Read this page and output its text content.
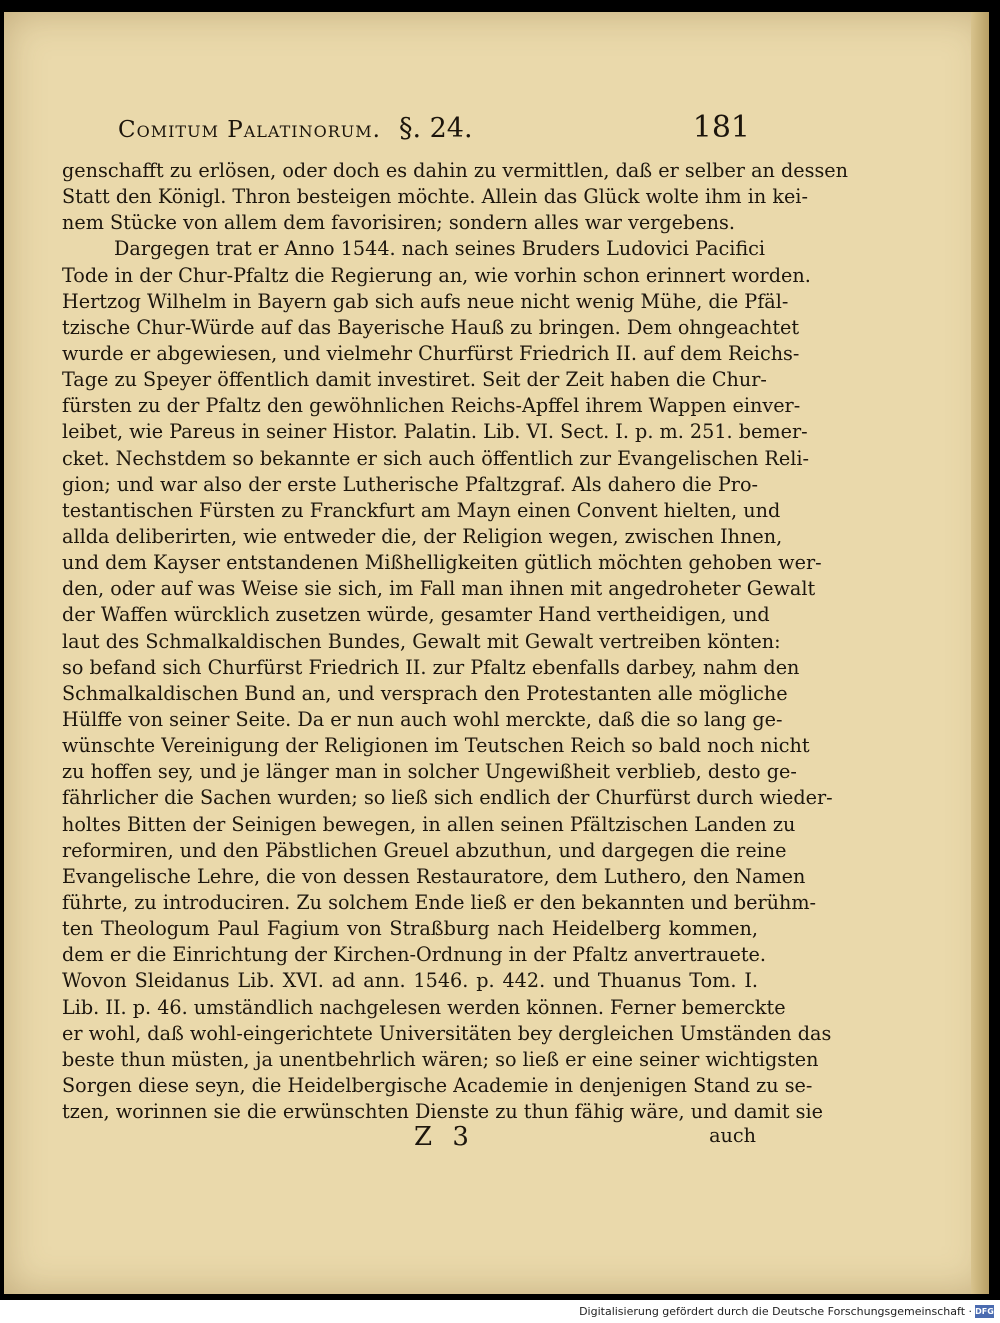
Comitum Palatinorum. §. 24.	181
genschafft zu erlösen, oder doch es dahin zu vermittlen, daß er selber an dessen
Statt den Königl. Thron besteigen möchte. Allein das Glück wolte ihm in kei-
nem Stücke von allem dem favorisiren; sondern alles war vergebens.
Dargegen trat er Anno 1544. nach seines Bruders Ludovici Pacifici
Tode in der Chur-Pfaltz die Regierung an, wie vorhin schon erinnert worden.
Hertzog Wilhelm in Bayern gab sich aufs neue nicht wenig Mühe, die Pfäl-
tzische Chur-Würde auf das Bayerische Hauß zu bringen. Dem ohngeachtet
wurde er abgewiesen, und vielmehr Churfürst Friedrich II. auf dem Reichs-
Tage zu Speyer öffentlich damit investiret. Seit der Zeit haben die Chur-
fürsten zu der Pfaltz den gewöhnlichen Reichs-Apffel ihrem Wappen einver-
leibet, wie Pareus in seiner Histor. Palatin. Lib. VI. Sect. I. p. m. 251. bemer-
cket. Nechstdem so bekannte er sich auch öffentlich zur Evangelischen Reli-
gion; und war also der erste Lutherische Pfaltzgraf. Als dahero die Pro-
testantischen Fürsten zu Franckfurt am Mayn einen Convent hielten, und
allda deliberirten, wie entweder die, der Religion wegen, zwischen Ihnen,
und dem Kayser entstandenen Mißhelligkeiten gütlich möchten gehoben wer-
den, oder auf was Weise sie sich, im Fall man ihnen mit angedroheter Gewalt
der Waffen würcklich zusetzen würde, gesamter Hand vertheidigen, und
laut des Schmalkaldischen Bundes, Gewalt mit Gewalt vertreiben könten:
so befand sich Churfürst Friedrich II. zur Pfaltz ebenfalls darbey, nahm den
Schmalkaldischen Bund an, und versprach den Protestanten alle mögliche
Hülffe von seiner Seite. Da er nun auch wohl merckte, daß die so lang ge-
wünschte Vereinigung der Religionen im Teutschen Reich so bald noch nicht
zu hoffen sey, und je länger man in solcher Ungewißheit verblieb, desto ge-
fährlicher die Sachen wurden; so ließ sich endlich der Churfürst durch wieder-
holtes Bitten der Seinigen bewegen, in allen seinen Pfältzischen Landen zu
reformiren, und den Päbstlichen Greuel abzuthun, und dargegen die reine
Evangelische Lehre, die von dessen Restauratore, dem Luthero, den Namen
führte, zu introduciren. Zu solchem Ende ließ er den bekannten und berühm-
ten Theologum Paul Fagium von Straßburg nach Heidelberg kommen,
dem er die Einrichtung der Kirchen-Ordnung in der Pfaltz anvertrauete.
Wovon Sleidanus Lib. XVI. ad ann. 1546. p. 442. und Thuanus Tom. I.
Lib. II. p. 46. umständlich nachgelesen werden können. Ferner bemerckte
er wohl, daß wohl-eingerichtete Universitäten bey dergleichen Umständen das
beste thun müsten, ja unentbehrlich wären; so ließ er eine seiner wichtigsten
Sorgen diese seyn, die Heidelbergische Academie in denjenigen Stand zu se-
tzen, worinnen sie die erwünschten Dienste zu thun fähig wäre, und damit sie
Z 3	auch
Digitalisierung gefördert durch die Deutsche Forschungsgemeinschaft · DFG
